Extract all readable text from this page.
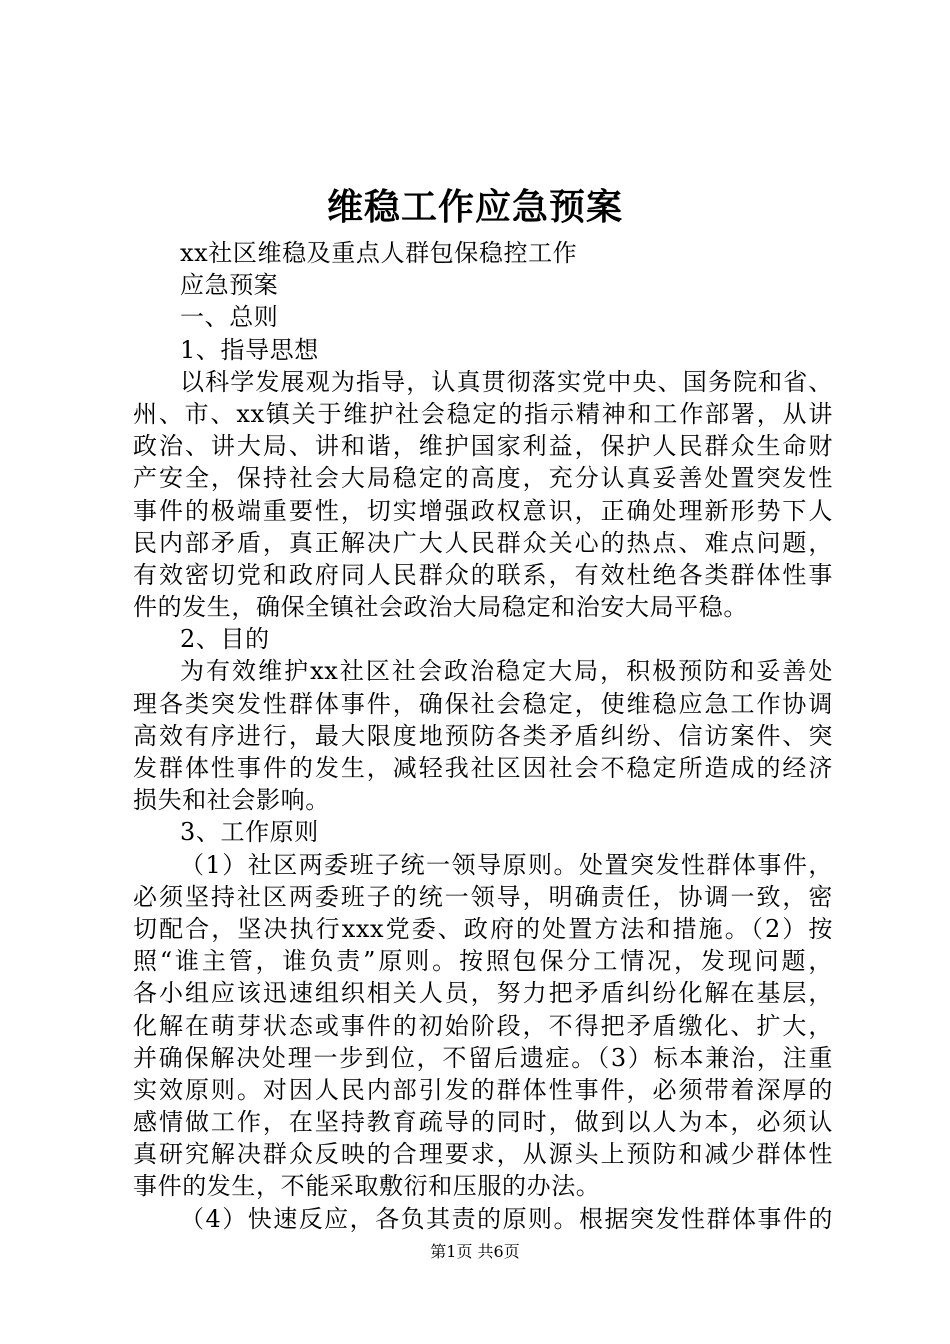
维稳工作应急预案
xx社区维稳及重点人群包保稳控工作
应急预案
一、总则
1、指导思想
以科学发展观为指导，认真贯彻落实党中央、国务院和省、
州、市、xx镇关于维护社会稳定的指示精神和工作部署，从讲
政治、讲大局、讲和谐，维护国家利益，保护人民群众生命财
产安全，保持社会大局稳定的高度，充分认真妥善处置突发性
事件的极端重要性，切实增强政权意识，正确处理新形势下人
民内部矛盾，真正解决广大人民群众关心的热点、难点问题，
有效密切党和政府同人民群众的联系，有效杜绝各类群体性事
件的发生，确保全镇社会政治大局稳定和治安大局平稳。
2、目的
为有效维护xx社区社会政治稳定大局，积极预防和妥善处
理各类突发性群体事件，确保社会稳定，使维稳应急工作协调
高效有序进行，最大限度地预防各类矛盾纠纷、信访案件、突
发群体性事件的发生，减轻我社区因社会不稳定所造成的经济
损失和社会影响。
3、工作原则
（1）社区两委班子统一领导原则。处置突发性群体事件，
必须坚持社区两委班子的统一领导，明确责任，协调一致，密
切配合，坚决执行xxx党委、政府的处置方法和措施。（2）按
照“谁主管，谁负责”原则。按照包保分工情况，发现问题，
各小组应该迅速组织相关人员，努力把矛盾纠纷化解在基层，
化解在萌芽状态或事件的初始阶段，不得把矛盾缴化、扩大，
并确保解决处理一步到位，不留后遗症。（3）标本兼治，注重
实效原则。对因人民内部引发的群体性事件，必须带着深厚的
感情做工作，在坚持教育疏导的同时，做到以人为本，必须认
真研究解决群众反映的合理要求，从源头上预防和减少群体性
事件的发生，不能采取敷衍和压服的办法。
（4）快速反应，各负其责的原则。根据突发性群体事件的
第1页 共6页
